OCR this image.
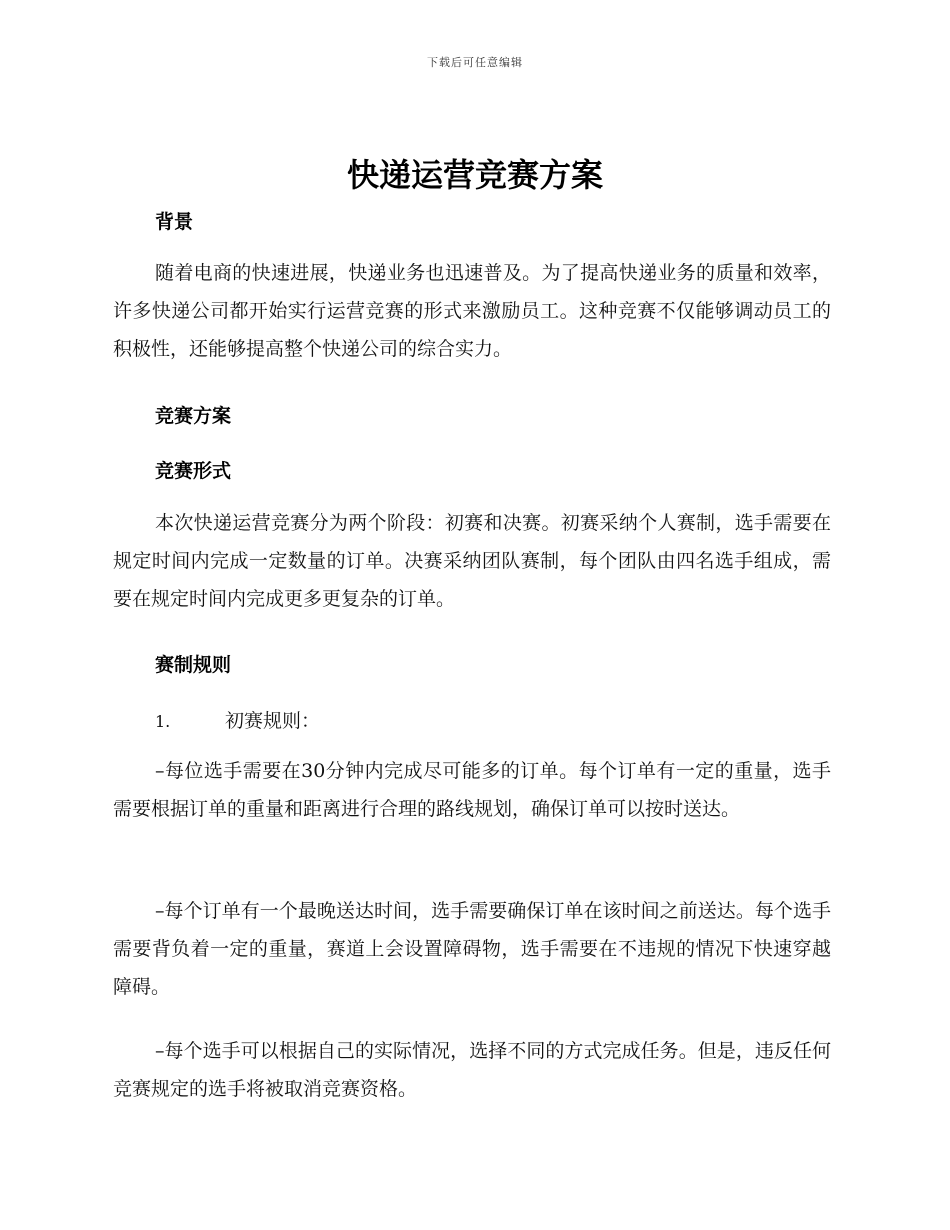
下载后可任意编辑
快递运营竞赛方案
背景

随着电商的快速进展，快递业务也迅速普及。为了提高快递业务的质量和效率，许多快递公司都开始实行运营竞赛的形式来激励员工。这种竞赛不仅能够调动员工的积极性，还能够提高整个快递公司的综合实力。

竞赛方案
竞赛形式

本次快递运营竞赛分为两个阶段：初赛和决赛。初赛采纳个人赛制，选手需要在规定时间内完成一定数量的订单。决赛采纳团队赛制，每个团队由四名选手组成，需要在规定时间内完成更多更复杂的订单。

赛制规则
1.	初赛规则：

–每位选手需要在30分钟内完成尽可能多的订单。每个订单有一定的重量，选手需要根据订单的重量和距离进行合理的路线规划，确保订单可以按时送达。

–每个订单有一个最晚送达时间，选手需要确保订单在该时间之前送达。每个选手需要背负着一定的重量，赛道上会设置障碍物，选手需要在不违规的情况下快速穿越障碍。

–每个选手可以根据自己的实际情况，选择不同的方式完成任务。但是，违反任何竞赛规定的选手将被取消竞赛资格。
